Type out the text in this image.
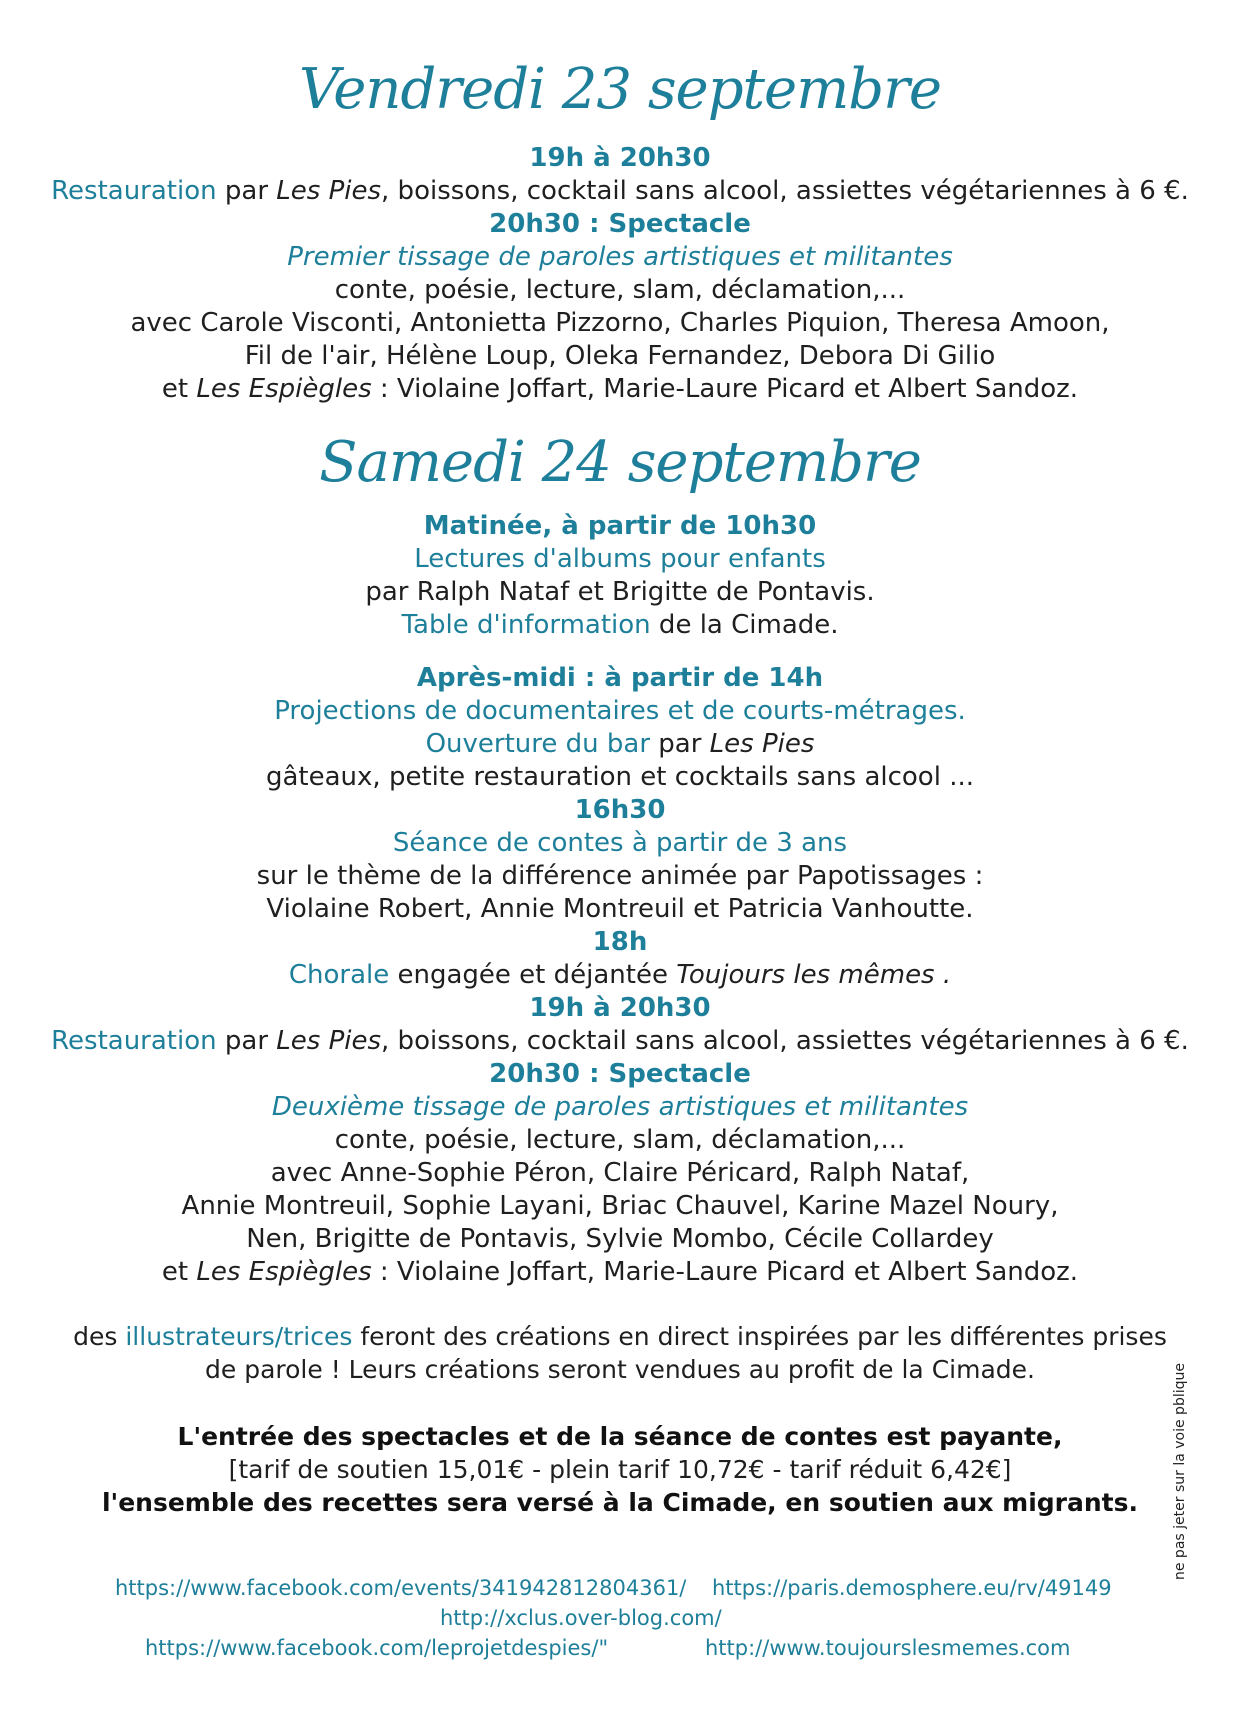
Vendredi 23 septembre
19h à 20h30
Restauration par Les Pies, boissons, cocktail sans alcool, assiettes végétariennes à 6 €.
20h30 : Spectacle
Premier tissage de paroles artistiques et militantes
conte, poésie, lecture, slam, déclamation,...
avec Carole Visconti, Antonietta Pizzorno, Charles Piquion, Theresa Amoon,
Fil de l'air, Hélène Loup, Oleka Fernandez, Debora Di Gilio
et Les Espiègles : Violaine Joffart, Marie-Laure Picard et Albert Sandoz.
Samedi 24 septembre
Matinée, à partir de 10h30
Lectures d'albums pour enfants
par Ralph Nataf et Brigitte de Pontavis.
Table d'information de la Cimade.
Après-midi : à partir de 14h
Projections de documentaires et de courts-métrages.
Ouverture du bar par Les Pies
gâteaux, petite restauration et cocktails sans alcool ...
16h30
Séance de contes à partir de 3 ans
sur le thème de la différence animée par Papotissages :
Violaine Robert, Annie Montreuil et Patricia Vanhoutte.
18h
Chorale engagée et déjantée Toujours les mêmes .
19h à 20h30
Restauration par Les Pies, boissons, cocktail sans alcool, assiettes végétariennes à 6 €.
20h30 : Spectacle
Deuxième tissage de paroles artistiques et militantes
conte, poésie, lecture, slam, déclamation,...
avec Anne-Sophie Péron, Claire Péricard, Ralph Nataf,
Annie Montreuil, Sophie Layani, Briac Chauvel, Karine Mazel Noury,
Nen, Brigitte de Pontavis, Sylvie Mombo, Cécile Collardey
et Les Espiègles : Violaine Joffart, Marie-Laure Picard et Albert Sandoz.
des illustrateurs/trices feront des créations en direct inspirées par les différentes prises
de parole ! Leurs créations seront vendues au profit de la Cimade.
L'entrée des spectacles et de la séance de contes est payante,
[tarif de soutien 15,01€ - plein tarif 10,72€ - tarif réduit 6,42€]
l'ensemble des recettes sera versé à la Cimade, en soutien aux migrants.
https://www.facebook.com/events/341942812804361/ https://paris.demosphere.eu/rv/49149
http://xclus.over-blog.com/
https://www.facebook.com/leprojetdespies/"	http://www.toujourslesmemes.com
ne pas jeter sur la voie pblique
